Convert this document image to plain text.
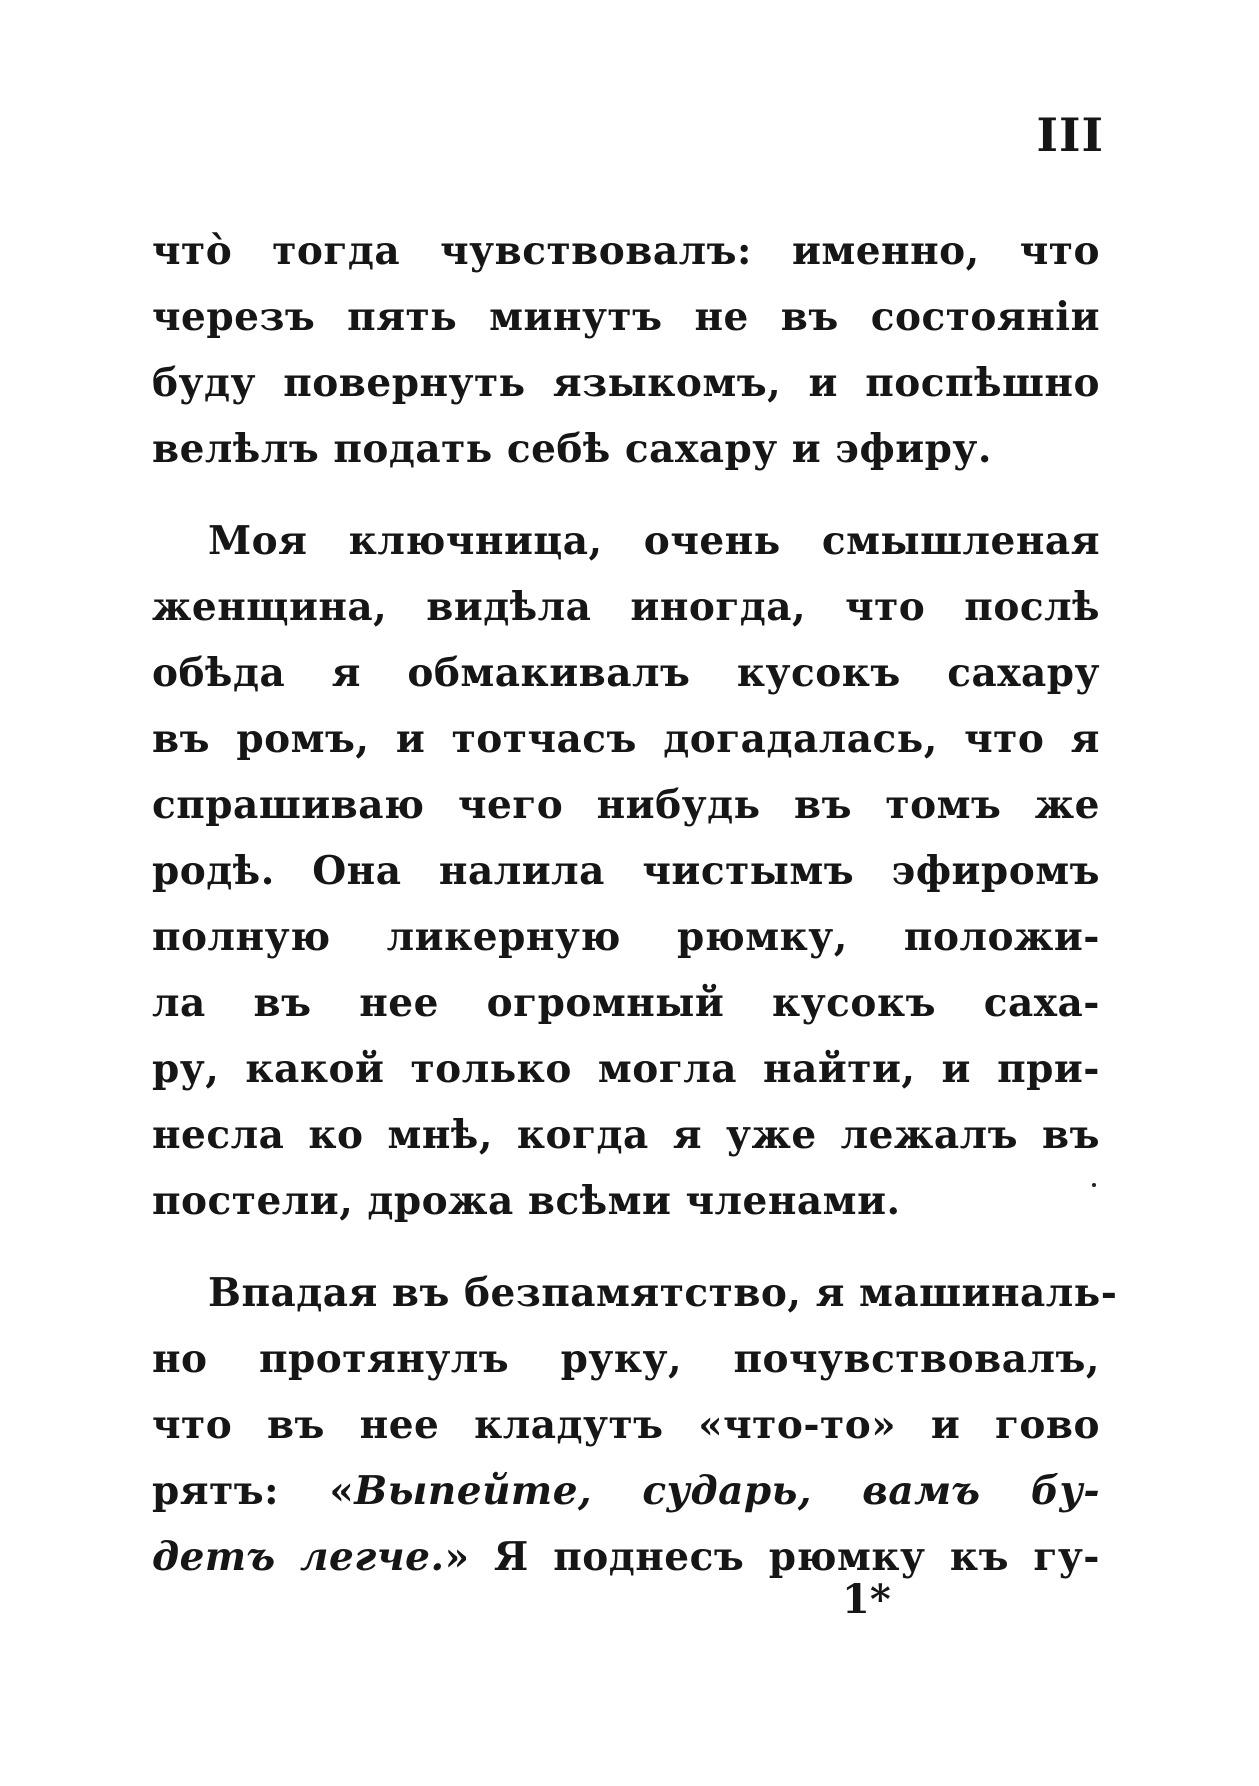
III
что̀ тогда чувствовалъ: именно, что
черезъ пять минутъ не въ состояніи
буду повернуть языкомъ, и поспѣшно
велѣлъ подать себѣ сахару и эфиру.
Моя ключница, очень смышленая
женщина, видѣла иногда, что послѣ
обѣда я обмакивалъ кусокъ сахару
въ ромъ, и тотчасъ догадалась, что я
спрашиваю чего нибудь въ томъ же
родѣ. Она налила чистымъ эфиромъ
полную ликерную рюмку, положи-
ла въ нее огромный кусокъ саха-
ру, какой только могла найти, и при-
несла ко мнѣ, когда я уже лежалъ въ
постели, дрожа всѣми членами.
Впадая въ безпамятство, я машиналь-
но протянулъ руку, почувствовалъ,
что въ нее кладутъ «что-то» и гово
рятъ: «Выпейте, сударь, вамъ бу-
детъ легче.» Я поднесъ рюмку къ гу-
1*
